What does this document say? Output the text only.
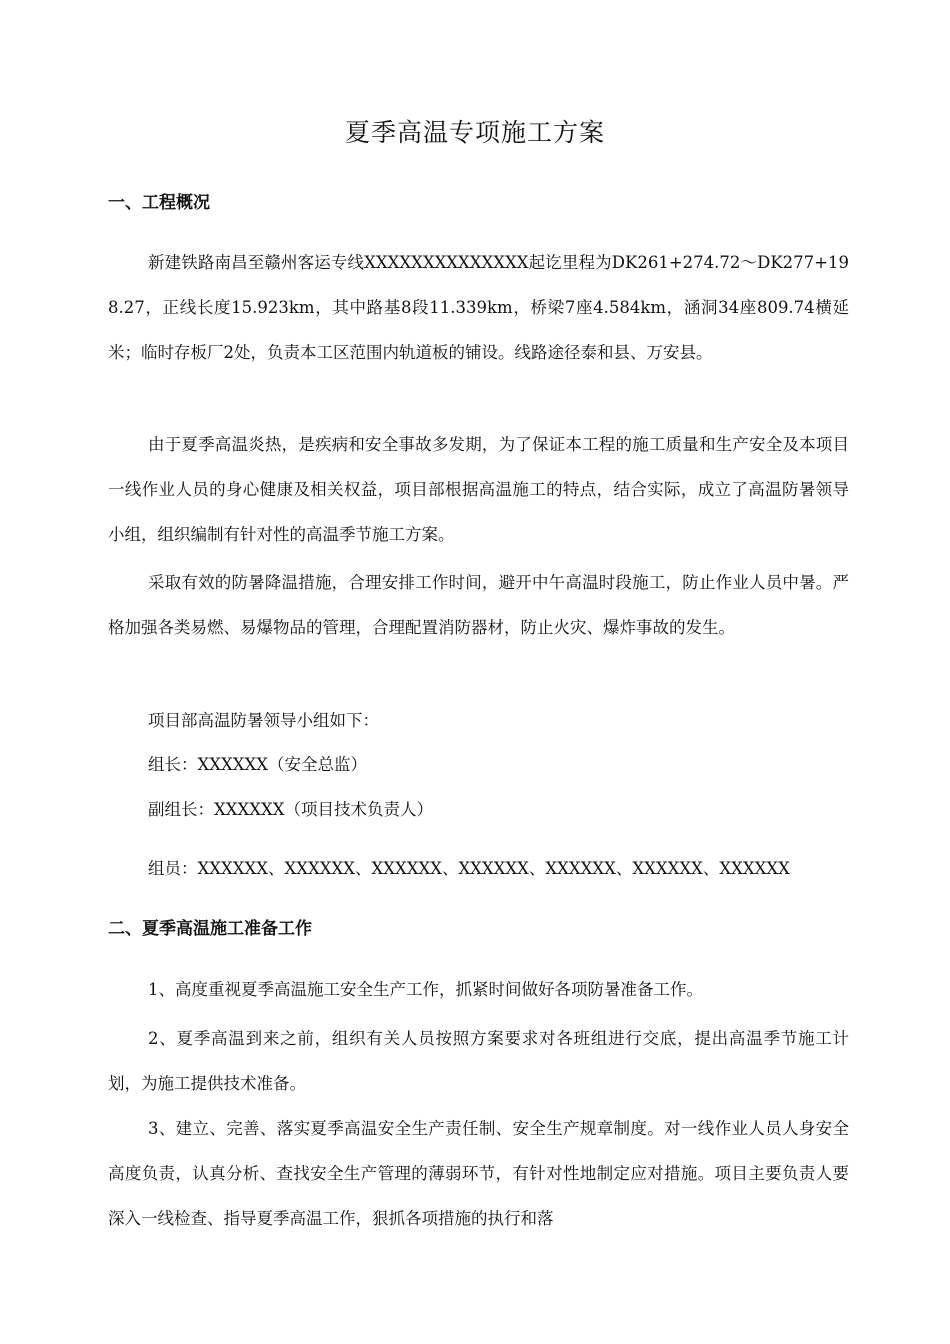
夏季高温专项施工方案
一、工程概况
新建铁路南昌至赣州客运专线XXXXXXXXXXXXXX起讫里程为DK261+274.72～DK277+198.27，正线长度15.923km，其中路基8段11.339km，桥梁7座4.584km，涵洞34座809.74横延米；临时存板厂2处，负责本工区范围内轨道板的铺设。线路途径泰和县、万安县。
由于夏季高温炎热，是疾病和安全事故多发期，为了保证本工程的施工质量和生产安全及本项目一线作业人员的身心健康及相关权益，项目部根据高温施工的特点，结合实际，成立了高温防暑领导小组，组织编制有针对性的高温季节施工方案。
采取有效的防暑降温措施，合理安排工作时间，避开中午高温时段施工，防止作业人员中暑。严格加强各类易燃、易爆物品的管理，合理配置消防器材，防止火灾、爆炸事故的发生。
项目部高温防暑领导小组如下：
组长：XXXXXX（安全总监）
副组长：XXXXXX（项目技术负责人）
组员：XXXXXX、XXXXXX、XXXXXX、XXXXXX、XXXXXX、XXXXXX、XXXXXX
二、夏季高温施工准备工作
1、高度重视夏季高温施工安全生产工作，抓紧时间做好各项防暑准备工作。
2、夏季高温到来之前，组织有关人员按照方案要求对各班组进行交底，提出高温季节施工计划，为施工提供技术准备。
3、建立、完善、落实夏季高温安全生产责任制、安全生产规章制度。对一线作业人员人身安全高度负责，认真分析、查找安全生产管理的薄弱环节，有针对性地制定应对措施。项目主要负责人要深入一线检查、指导夏季高温工作，狠抓各项措施的执行和落
